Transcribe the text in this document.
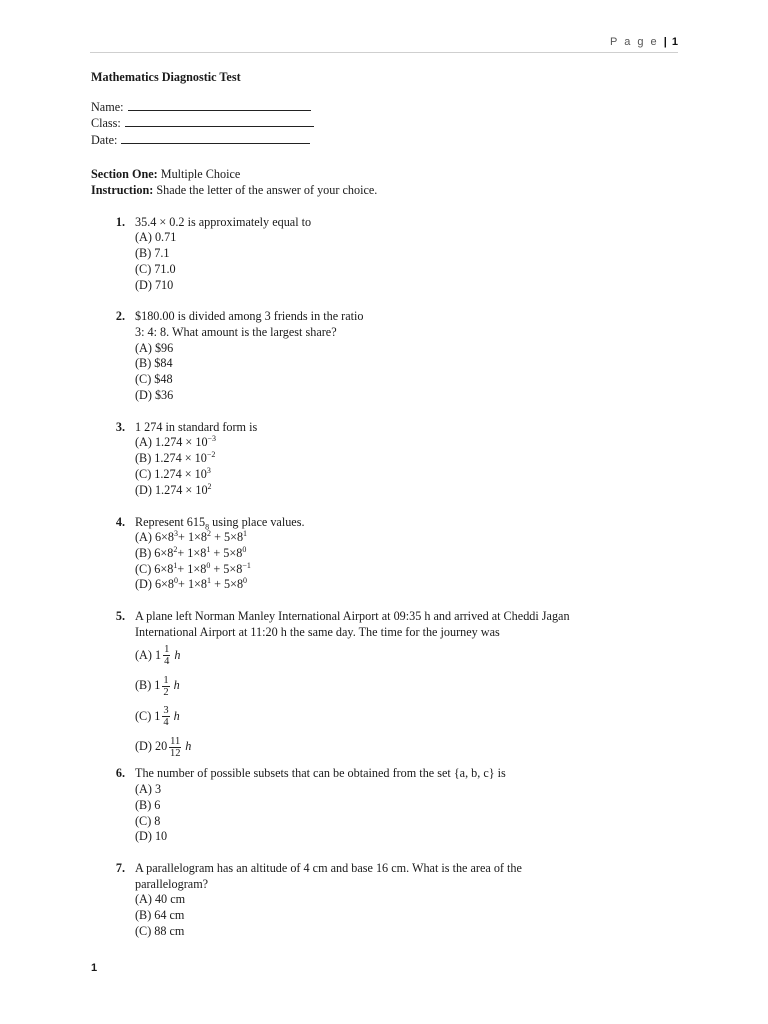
P a g e | 1
Mathematics Diagnostic Test
Name:
Class:
Date:
Section One: Multiple Choice
Instruction: Shade the letter of the answer of your choice.
1. 35.4 × 0.2 is approximately equal to
(A) 0.71
(B) 7.1
(C) 71.0
(D) 710
2. $180.00 is divided among 3 friends in the ratio
3: 4: 8. What amount is the largest share?
(A) $96
(B) $84
(C) $48
(D) $36
3. 1 274 in standard form is
(A) $1.274 \times 10^{-3}$
(B) $1.274 \times 10^{-2}$
(C) $1.274 \times 10^3$
(D) $1.274 \times 10^2$
4. Represent $615_8$ using place values.
(A) $6\times 8^3+ 1\times 8^2 + 5\times 8^1$
(B) $6\times 8^2+ 1\times 8^1 + 5\times 8^0$
(C) $6\times 8^1+ 1\times 8^0 + 5\times 8^{-1}$
(D) $6\times 8^0+ 1\times 8^1 + 5\times 8^0$
5. A plane left Norman Manley International Airport at 09:35 h and arrived at Cheddi Jagan
International Airport at 11:20 h the same day. The time for the journey was
(A)
$1 \frac{1}{4}$ h
(B)
$1 \frac{1}{2}$ h
(C)
$1 \frac{3}{4}$ h
(D)
$20 \frac{11}{12}$ h
6. The number of possible subsets that can be obtained from the set {a, b, c} is
(A) 3
(B) 6
(C) 8
(D) 10
7. A parallelogram has an altitude of 4 cm and base 16 cm. What is the area of the
parallelogram?
(A) 40 cm
(B) 64 cm
(C) 88 cm
1
